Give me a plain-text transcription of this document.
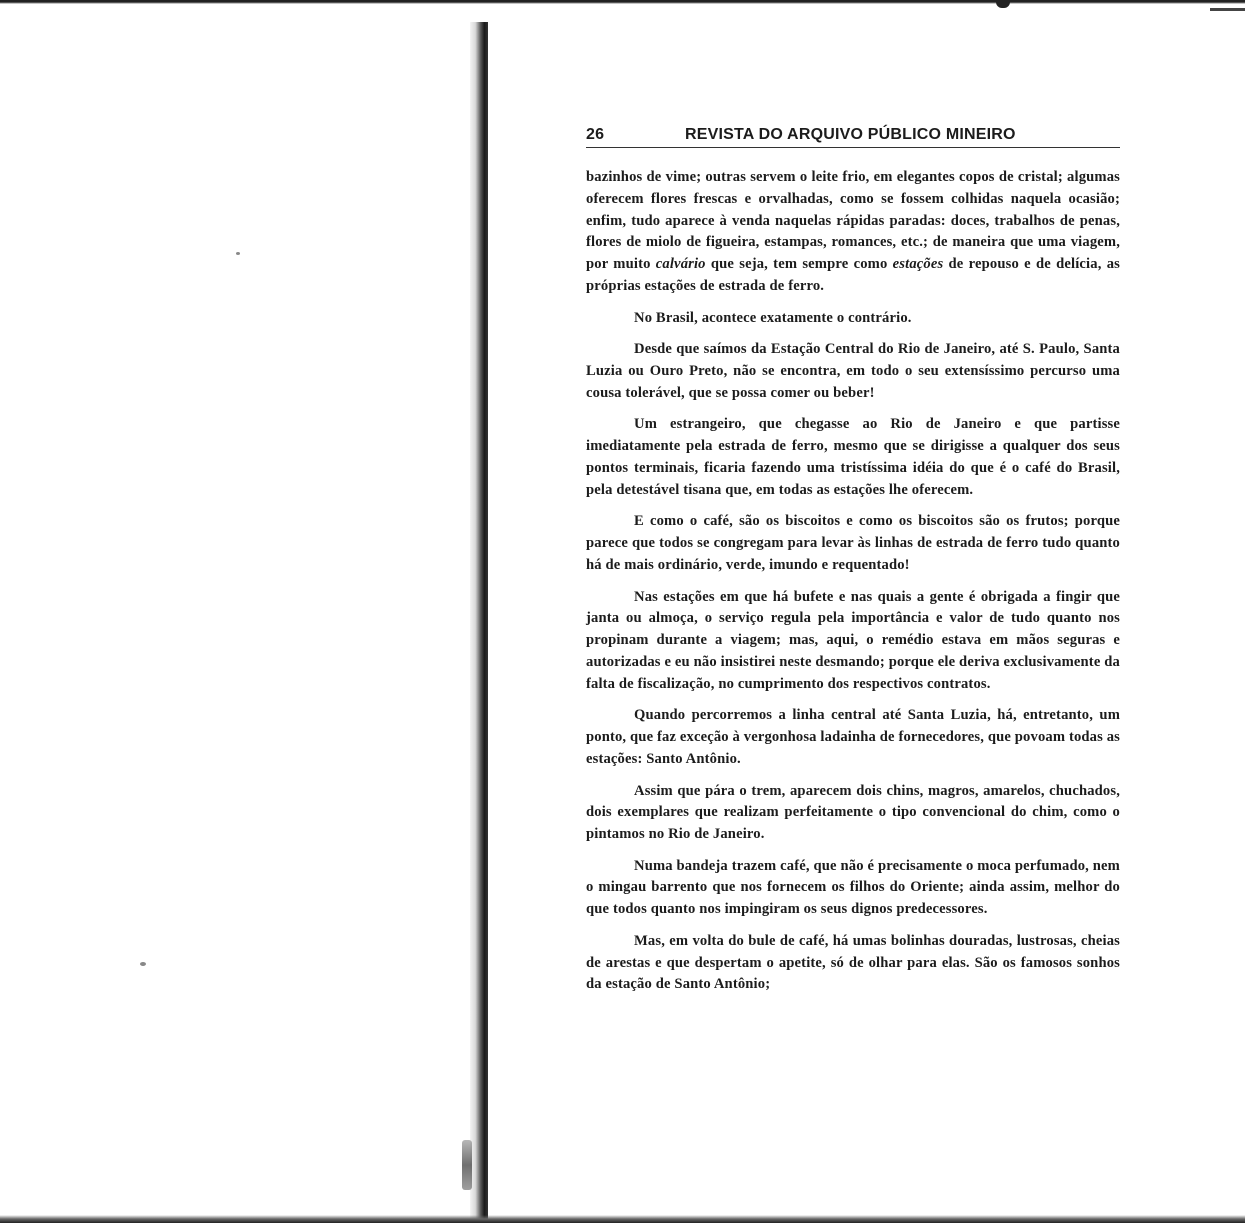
26	REVISTA DO ARQUIVO PÚBLICO MINEIRO

bazinhos de vime; outras servem o leite frio, em elegantes copos de cristal; algumas oferecem flores frescas e orvalhadas, como se fossem colhidas naquela ocasião; enfim, tudo aparece à venda naquelas rápidas paradas: doces, trabalhos de penas, flores de miolo de figueira, estampas, romances, etc.; de maneira que uma viagem, por muito calvário que seja, tem sempre como estações de repouso e de delícia, as próprias estações de estrada de ferro.

No Brasil, acontece exatamente o contrário.

Desde que saímos da Estação Central do Rio de Janeiro, até S. Paulo, Santa Luzia ou Ouro Preto, não se encontra, em todo o seu extensíssimo percurso uma cousa tolerável, que se possa comer ou beber!

Um estrangeiro, que chegasse ao Rio de Janeiro e que partisse imediatamente pela estrada de ferro, mesmo que se dirigisse a qualquer dos seus pontos terminais, ficaria fazendo uma tristíssima idéia do que é o café do Brasil, pela detestável tisana que, em todas as estações lhe oferecem.

E como o café, são os biscoitos e como os biscoitos são os frutos; porque parece que todos se congregam para levar às linhas de estrada de ferro tudo quanto há de mais ordinário, verde, imundo e requentado!

Nas estações em que há bufete e nas quais a gente é obrigada a fingir que janta ou almoça, o serviço regula pela importância e valor de tudo quanto nos propinam durante a viagem; mas, aqui, o remédio estava em mãos seguras e autorizadas e eu não insistirei neste desmando; porque ele deriva exclusivamente da falta de fiscalização, no cumprimento dos respectivos contratos.

Quando percorremos a linha central até Santa Luzia, há, entretanto, um ponto, que faz exceção à vergonhosa ladainha de fornecedores, que povoam todas as estações: Santo Antônio.

Assim que pára o trem, aparecem dois chins, magros, amarelos, chuchados, dois exemplares que realizam perfeitamente o tipo convencional do chim, como o pintamos no Rio de Janeiro.

Numa bandeja trazem café, que não é precisamente o moca perfumado, nem o mingau barrento que nos fornecem os filhos do Oriente; ainda assim, melhor do que todos quanto nos impingiram os seus dignos predecessores.

Mas, em volta do bule de café, há umas bolinhas douradas, lustrosas, cheias de arestas e que despertam o apetite, só de olhar para elas. São os famosos sonhos da estação de Santo Antônio;
